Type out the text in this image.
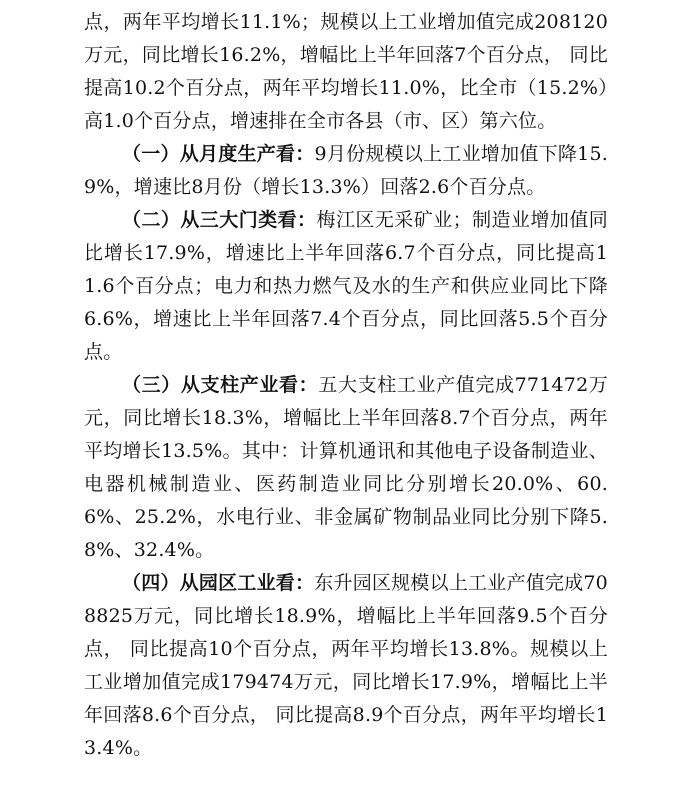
点，两年平均增长11.1%；规模以上工业增加值完成208120万元，同比增长16.2%，增幅比上半年回落7个百分点， 同比提高10.2个百分点，两年平均增长11.0%，比全市（15.2%）高1.0个百分点，增速排在全市各县（市、区）第六位。

（一）从月度生产看：9月份规模以上工业增加值下降15.9%，增速比8月份（增长13.3%）回落2.6个百分点。

（二）从三大门类看：梅江区无采矿业；制造业增加值同比增长17.9%，增速比上半年回落6.7个百分点，同比提高11.6个百分点；电力和热力燃气及水的生产和供应业同比下降6.6%，增速比上半年回落7.4个百分点，同比回落5.5个百分点。

（三）从支柱产业看：五大支柱工业产值完成771472万元，同比增长18.3%，增幅比上半年回落8.7个百分点，两年平均增长13.5%。其中：计算机通讯和其他电子设备制造业、电器机械制造业、医药制造业同比分别增长20.0%、60.6%、25.2%，水电行业、非金属矿物制品业同比分别下降5.8%、32.4%。

（四）从园区工业看：东升园区规模以上工业产值完成708825万元，同比增长18.9%，增幅比上半年回落9.5个百分点， 同比提高10个百分点，两年平均增长13.8%。规模以上工业增加值完成179474万元，同比增长17.9%，增幅比上半年回落8.6个百分点， 同比提高8.9个百分点，两年平均增长13.4%。
